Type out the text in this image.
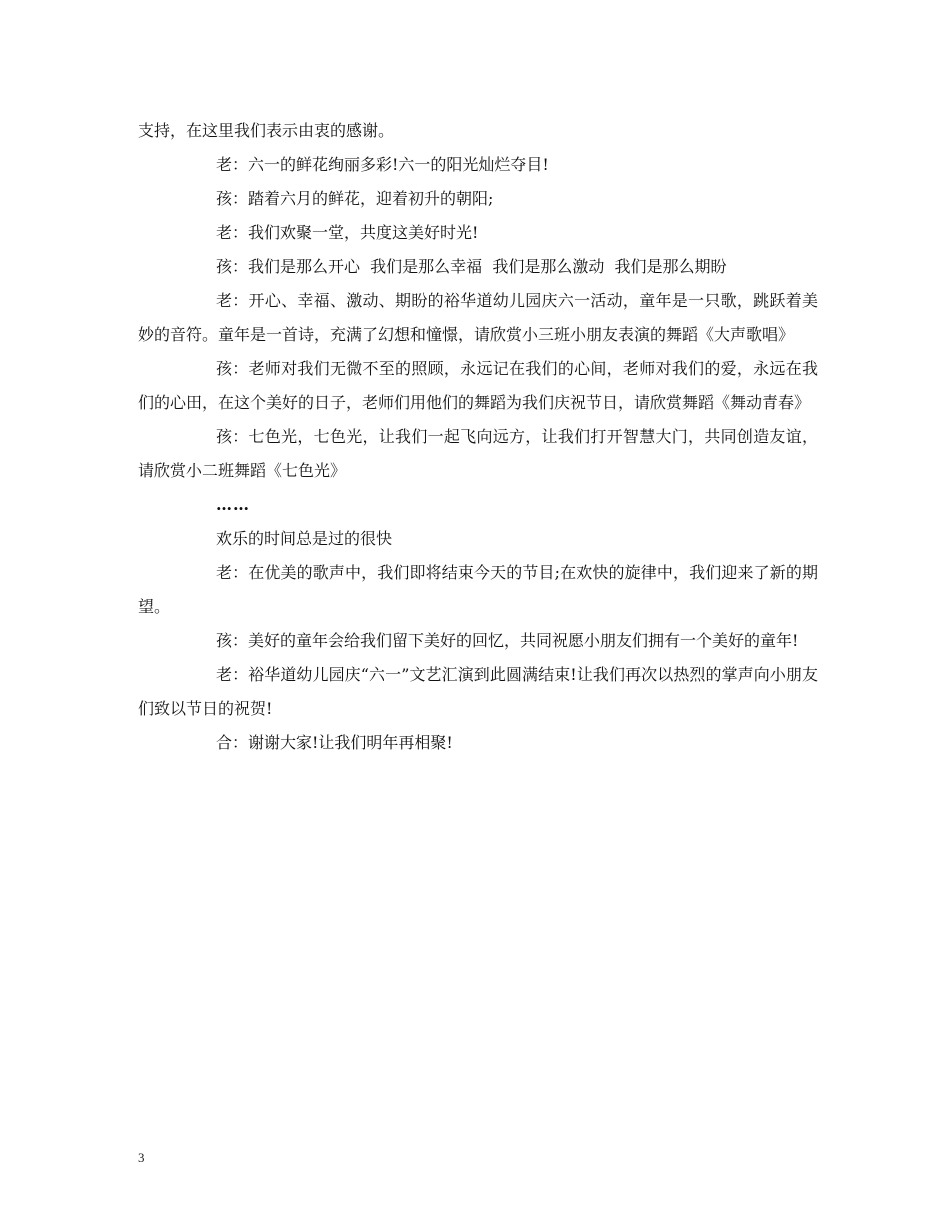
支持，在这里我们表示由衷的感谢。

老：六一的鲜花绚丽多彩!六一的阳光灿烂夺目!

孩：踏着六月的鲜花，迎着初升的朝阳;

老：我们欢聚一堂，共度这美好时光!

孩：我们是那么开心  我们是那么幸福  我们是那么激动  我们是那么期盼

老：开心、幸福、激动、期盼的裕华道幼儿园庆六一活动，童年是一只歌，跳跃着美妙的音符。童年是一首诗，充满了幻想和憧憬，请欣赏小三班小朋友表演的舞蹈《大声歌唱》

孩：老师对我们无微不至的照顾，永远记在我们的心间，老师对我们的爱，永远在我们的心田，在这个美好的日子，老师们用他们的舞蹈为我们庆祝节日，请欣赏舞蹈《舞动青春》

孩：七色光，七色光，让我们一起飞向远方，让我们打开智慧大门，共同创造友谊，请欣赏小二班舞蹈《七色光》

……

欢乐的时间总是过的很快

老：在优美的歌声中，我们即将结束今天的节目;在欢快的旋律中，我们迎来了新的期望。

孩：美好的童年会给我们留下美好的回忆，共同祝愿小朋友们拥有一个美好的童年!

老：裕华道幼儿园庆“六一”文艺汇演到此圆满结束!让我们再次以热烈的掌声向小朋友们致以节日的祝贺!

合：谢谢大家!让我们明年再相聚!

3
